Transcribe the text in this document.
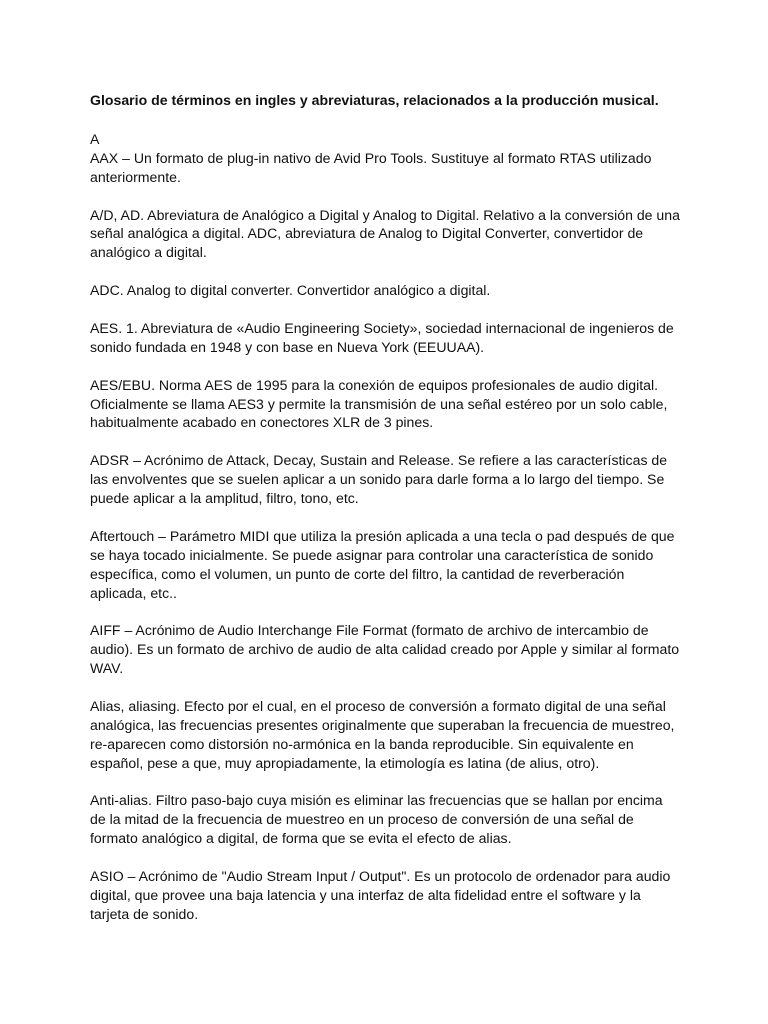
Glosario de términos en ingles y abreviaturas, relacionados a la producción musical.

A

AAX – Un formato de plug-in nativo de Avid Pro Tools. Sustituye al formato RTAS utilizado anteriormente.

A/D, AD. Abreviatura de Analógico a Digital y Analog to Digital. Relativo a la conversión de una señal analógica a digital. ADC, abreviatura de Analog to Digital Converter, convertidor de analógico a digital.

ADC. Analog to digital converter. Convertidor analógico a digital.

AES. 1. Abreviatura de «Audio Engineering Society», sociedad internacional de ingenieros de sonido fundada en 1948 y con base en Nueva York (EEUUAA).

AES/EBU. Norma AES de 1995 para la conexión de equipos profesionales de audio digital. Oficialmente se llama AES3 y permite la transmisión de una señal estéreo por un solo cable, habitualmente acabado en conectores XLR de 3 pines.

ADSR – Acrónimo de Attack, Decay, Sustain and Release. Se refiere a las características de las envolventes que se suelen aplicar a un sonido para darle forma a lo largo del tiempo. Se puede aplicar a la amplitud, filtro, tono, etc.

Aftertouch – Parámetro MIDI que utiliza la presión aplicada a una tecla o pad después de que se haya tocado inicialmente. Se puede asignar para controlar una característica de sonido específica, como el volumen, un punto de corte del filtro, la cantidad de reverberación aplicada, etc..

AIFF – Acrónimo de Audio Interchange File Format (formato de archivo de intercambio de audio). Es un formato de archivo de audio de alta calidad creado por Apple y similar al formato WAV.

Alias, aliasing. Efecto por el cual, en el proceso de conversión a formato digital de una señal analógica, las frecuencias presentes originalmente que superaban la frecuencia de muestreo, re-aparecen como distorsión no-armónica en la banda reproducible. Sin equivalente en español, pese a que, muy apropiadamente, la etimología es latina (de alius, otro).

Anti-alias. Filtro paso-bajo cuya misión es eliminar las frecuencias que se hallan por encima de la mitad de la frecuencia de muestreo en un proceso de conversión de una señal de formato analógico a digital, de forma que se evita el efecto de alias.

ASIO – Acrónimo de "Audio Stream Input / Output". Es un protocolo de ordenador para audio digital, que provee una baja latencia y una interfaz de alta fidelidad entre el software y la tarjeta de sonido.
